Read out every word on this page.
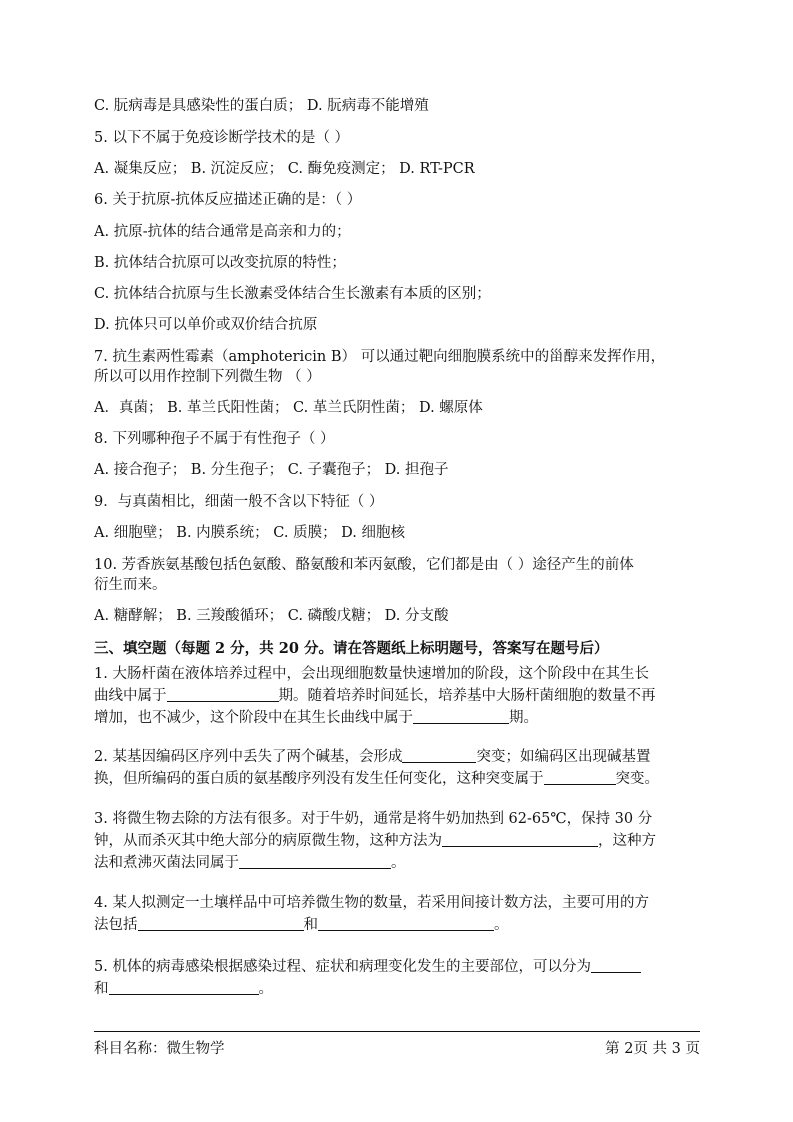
C. 朊病毒是具感染性的蛋白质； D. 朊病毒不能增殖
5. 以下不属于免疫诊断学技术的是（ ）
A. 凝集反应； B. 沉淀反应； C. 酶免疫测定； D. RT-PCR
6. 关于抗原-抗体反应描述正确的是：（ ）
A. 抗原-抗体的结合通常是高亲和力的；
B. 抗体结合抗原可以改变抗原的特性；
C. 抗体结合抗原与生长激素受体结合生长激素有本质的区别；
D. 抗体只可以单价或双价结合抗原
7. 抗生素两性霉素（amphotericin B） 可以通过靶向细胞膜系统中的甾醇来发挥作用，
所以可以用作控制下列微生物 （ ）
A．真菌； B. 革兰氏阳性菌； C. 革兰氏阴性菌； D. 螺原体
8. 下列哪种孢子不属于有性孢子（ ）
A. 接合孢子； B. 分生孢子； C. 子囊孢子； D. 担孢子
9．与真菌相比，细菌一般不含以下特征（ ）
A. 细胞壁； B. 内膜系统； C. 质膜； D. 细胞核
10. 芳香族氨基酸包括色氨酸、酪氨酸和苯丙氨酸，它们都是由（ ）途径产生的前体
衍生而来。
A. 糖酵解； B. 三羧酸循环； C. 磷酸戊糖； D. 分支酸
三、填空题（每题 2 分，共 20 分。请在答题纸上标明题号，答案写在题号后）
1. 大肠杆菌在液体培养过程中，会出现细胞数量快速增加的阶段，这个阶段中在其生长
曲线中属于	期。随着培养时间延长，培养基中大肠杆菌细胞的数量不再
增加，也不减少，这个阶段中在其生长曲线中属于	期。
2. 某基因编码区序列中丢失了两个碱基，会形成	突变；如编码区出现碱基置
换，但所编码的蛋白质的氨基酸序列没有发生任何变化，这种突变属于	突变。
3. 将微生物去除的方法有很多。对于牛奶，通常是将牛奶加热到 62-65℃，保持 30 分
钟，从而杀灭其中绝大部分的病原微生物，这种方法为	，这种方
法和煮沸灭菌法同属于	。
4. 某人拟测定一土壤样品中可培养微生物的数量，若采用间接计数方法，主要可用的方
法包括	和	。
5. 机体的病毒感染根据感染过程、症状和病理变化发生的主要部位，可以分为
和	。
科目名称：微生物学	第 2页 共 3 页
